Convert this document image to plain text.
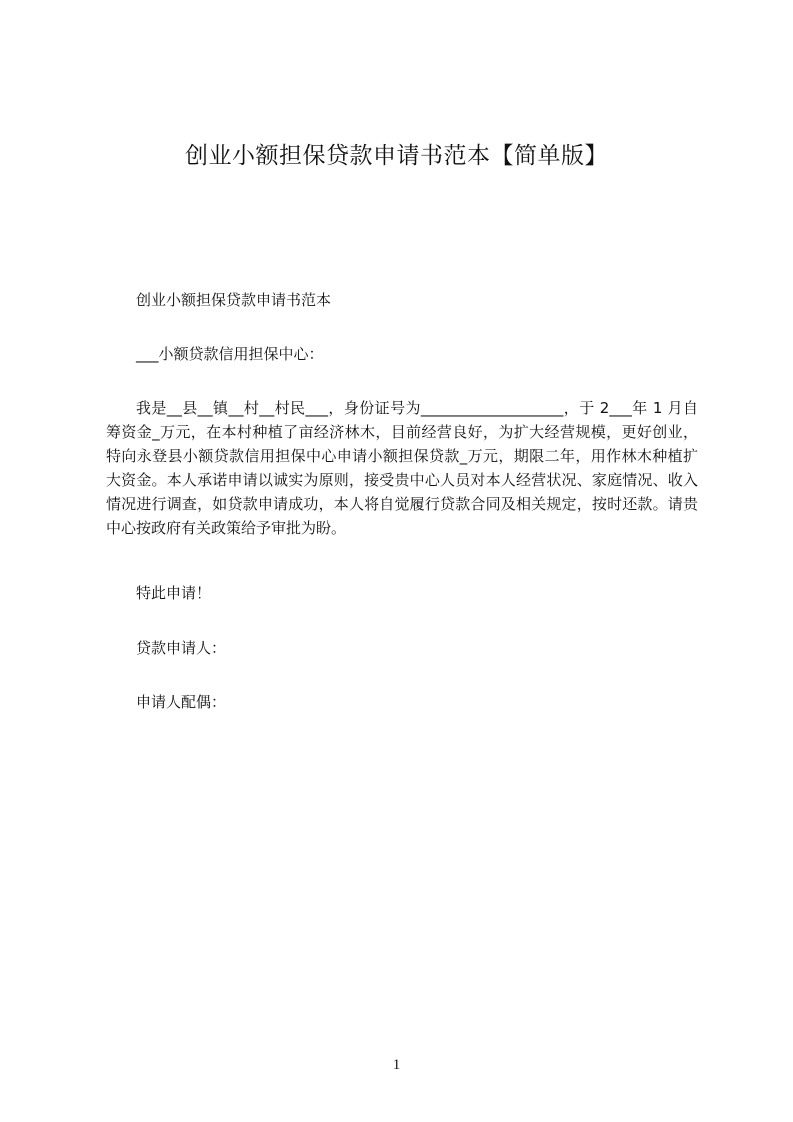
创业小额担保贷款申请书范本【简单版】

创业小额担保贷款申请书范本

___小额贷款信用担保中心：

我是__县__镇__村__村民___，身份证号为___________________，于 2___年 1 月自筹资金_万元，在本村种植了亩经济林木，目前经营良好，为扩大经营规模，更好创业，特向永登县小额贷款信用担保中心申请小额担保贷款_万元，期限二年，用作林木种植扩大资金。本人承诺申请以诚实为原则，接受贵中心人员对本人经营状况、家庭情况、收入情况进行调查，如贷款申请成功，本人将自觉履行贷款合同及相关规定，按时还款。请贵中心按政府有关政策给予审批为盼。

特此申请！

贷款申请人：

申请人配偶：

1
